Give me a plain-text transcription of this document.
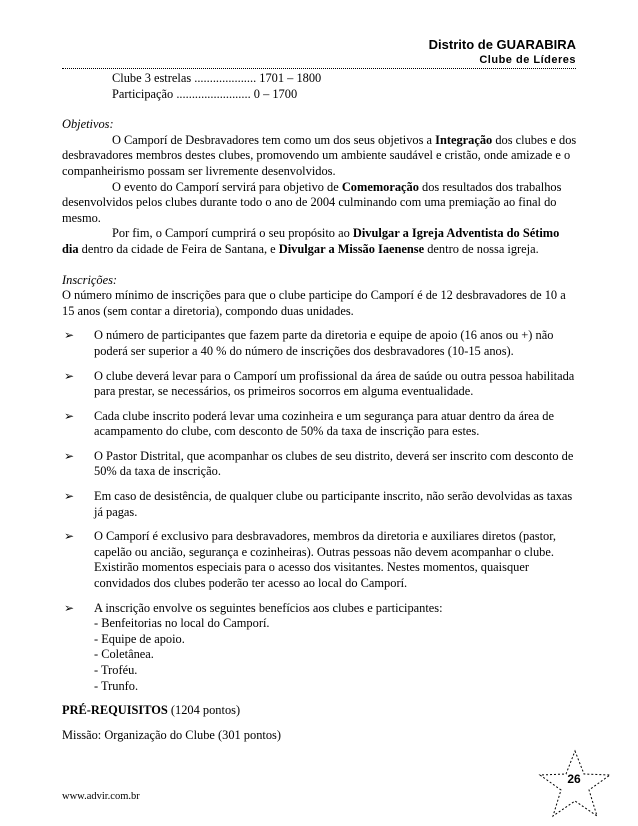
Distrito de GUARABIRA
Clube de Líderes

Clube 3 estrelas .................... 1701 – 1800

Participação ........................ 0 – 1700

Objetivos:

O Camporí de Desbravadores tem como um dos seus objetivos a Integração dos clubes e dos desbravadores membros destes clubes, promovendo um ambiente saudável e cristão, onde amizade e o companheirismo possam ser livremente desenvolvidos.

O evento do Camporí servirá para objetivo de Comemoração dos resultados dos trabalhos desenvolvidos pelos clubes durante todo o ano de 2004 culminando com uma premiação ao final do mesmo.

Por fim, o Camporí cumprirá o seu propósito ao Divulgar a Igreja Adventista do Sétimo dia dentro da cidade de Feira de Santana, e Divulgar a Missão Iaenense dentro de nossa igreja.

Inscrições:

O número mínimo de inscrições para que o clube participe do Camporí é de 12 desbravadores de 10 a 15 anos (sem contar a diretoria), compondo duas unidades.

➢ O número de participantes que fazem parte da diretoria e equipe de apoio (16 anos ou +) não poderá ser superior a 40 % do número de inscrições dos desbravadores (10-15 anos).

➢ O clube deverá levar para o Camporí um profissional da área de saúde ou outra pessoa habilitada para prestar, se necessários, os primeiros socorros em alguma eventualidade.

➢ Cada clube inscrito poderá levar uma cozinheira e um segurança para atuar dentro da área de acampamento do clube, com desconto de 50% da taxa de inscrição para estes.

➢ O Pastor Distrital, que acompanhar os clubes de seu distrito, deverá ser inscrito com desconto de 50% da taxa de inscrição.

➢ Em caso de desistência, de qualquer clube ou participante inscrito, não serão devolvidas as taxas já pagas.

➢ O Camporí é exclusivo para desbravadores, membros da diretoria e auxiliares diretos (pastor, capelão ou ancião, segurança e cozinheiras). Outras pessoas não devem acompanhar o clube. Existirão momentos especiais para o acesso dos visitantes. Nestes momentos, quaisquer convidados dos clubes poderão ter acesso ao local do Camporí.

➢ A inscrição envolve os seguintes benefícios aos clubes e participantes:
- Benfeitorias no local do Camporí.
- Equipe de apoio.
- Coletânea.
- Troféu.
- Trunfo.

PRÉ-REQUISITOS (1204 pontos)

Missão: Organização do Clube (301 pontos)

www.advir.com.br
26
